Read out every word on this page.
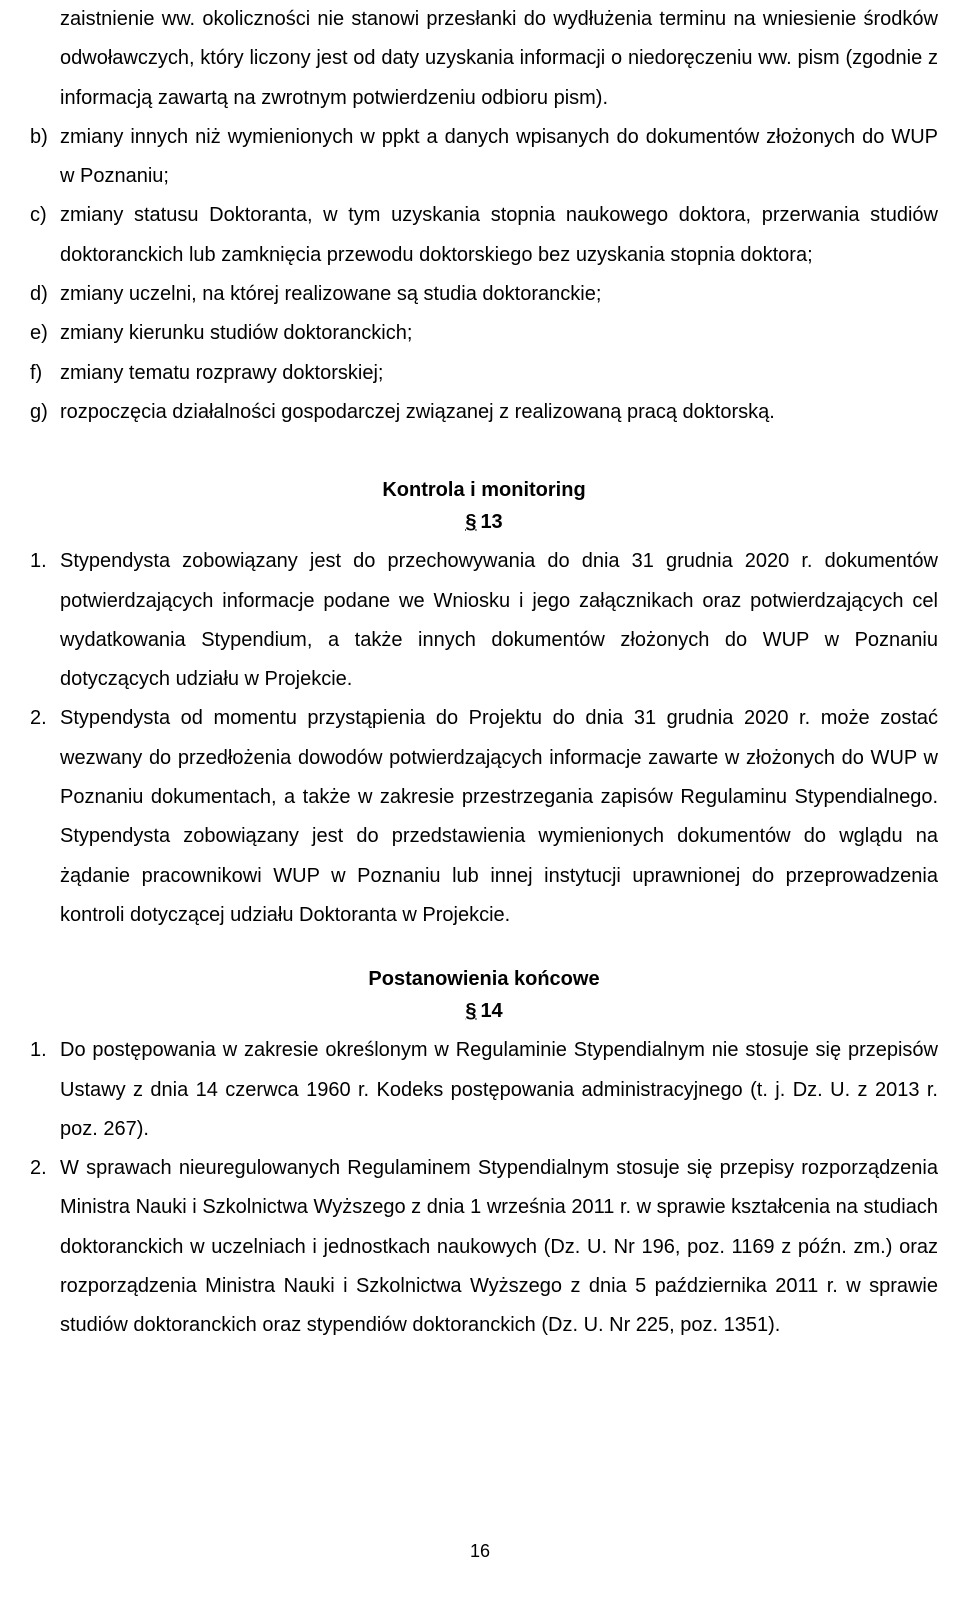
zaistnienie ww. okoliczności nie stanowi przesłanki do wydłużenia terminu na wniesienie środków odwoławczych, który liczony jest od daty uzyskania informacji o niedoręczeniu ww. pism (zgodnie z informacją zawartą na zwrotnym potwierdzeniu odbioru pism).

b) zmiany innych niż wymienionych w ppkt a danych wpisanych do dokumentów złożonych do WUP w Poznaniu;

c) zmiany statusu Doktoranta, w tym uzyskania stopnia naukowego doktora, przerwania studiów doktoranckich lub zamknięcia przewodu doktorskiego bez uzyskania stopnia doktora;

d) zmiany uczelni, na której realizowane są studia doktoranckie;

e) zmiany kierunku studiów doktoranckich;

f) zmiany tematu rozprawy doktorskiej;

g) rozpoczęcia działalności gospodarczej związanej z realizowaną pracą doktorską.

Kontrola i monitoring
§ 13

1. Stypendysta zobowiązany jest do przechowywania do dnia 31 grudnia 2020 r. dokumentów potwierdzających informacje podane we Wniosku i jego załącznikach oraz potwierdzających cel wydatkowania Stypendium, a także innych dokumentów złożonych do WUP w Poznaniu dotyczących udziału w Projekcie.

2. Stypendysta od momentu przystąpienia do Projektu do dnia 31 grudnia 2020 r. może zostać wezwany do przedłożenia dowodów potwierdzających informacje zawarte w złożonych do WUP w Poznaniu dokumentach, a także w zakresie przestrzegania zapisów Regulaminu Stypendialnego. Stypendysta zobowiązany jest do przedstawienia wymienionych dokumentów do wglądu na żądanie pracownikowi WUP w Poznaniu lub innej instytucji uprawnionej do przeprowadzenia kontroli dotyczącej udziału Doktoranta w Projekcie.

Postanowienia końcowe
§ 14

1. Do postępowania w zakresie określonym w Regulaminie Stypendialnym nie stosuje się przepisów Ustawy z dnia 14 czerwca 1960 r. Kodeks postępowania administracyjnego (t. j. Dz. U. z 2013 r. poz. 267).

2. W sprawach nieuregulowanych Regulaminem Stypendialnym stosuje się przepisy rozporządzenia Ministra Nauki i Szkolnictwa Wyższego z dnia 1 września 2011 r. w sprawie kształcenia na studiach doktoranckich w uczelniach i jednostkach naukowych (Dz. U. Nr 196, poz. 1169 z późn. zm.) oraz rozporządzenia Ministra Nauki i Szkolnictwa Wyższego z dnia 5 października 2011 r. w sprawie studiów doktoranckich oraz stypendiów doktoranckich (Dz. U. Nr 225, poz. 1351).

16
